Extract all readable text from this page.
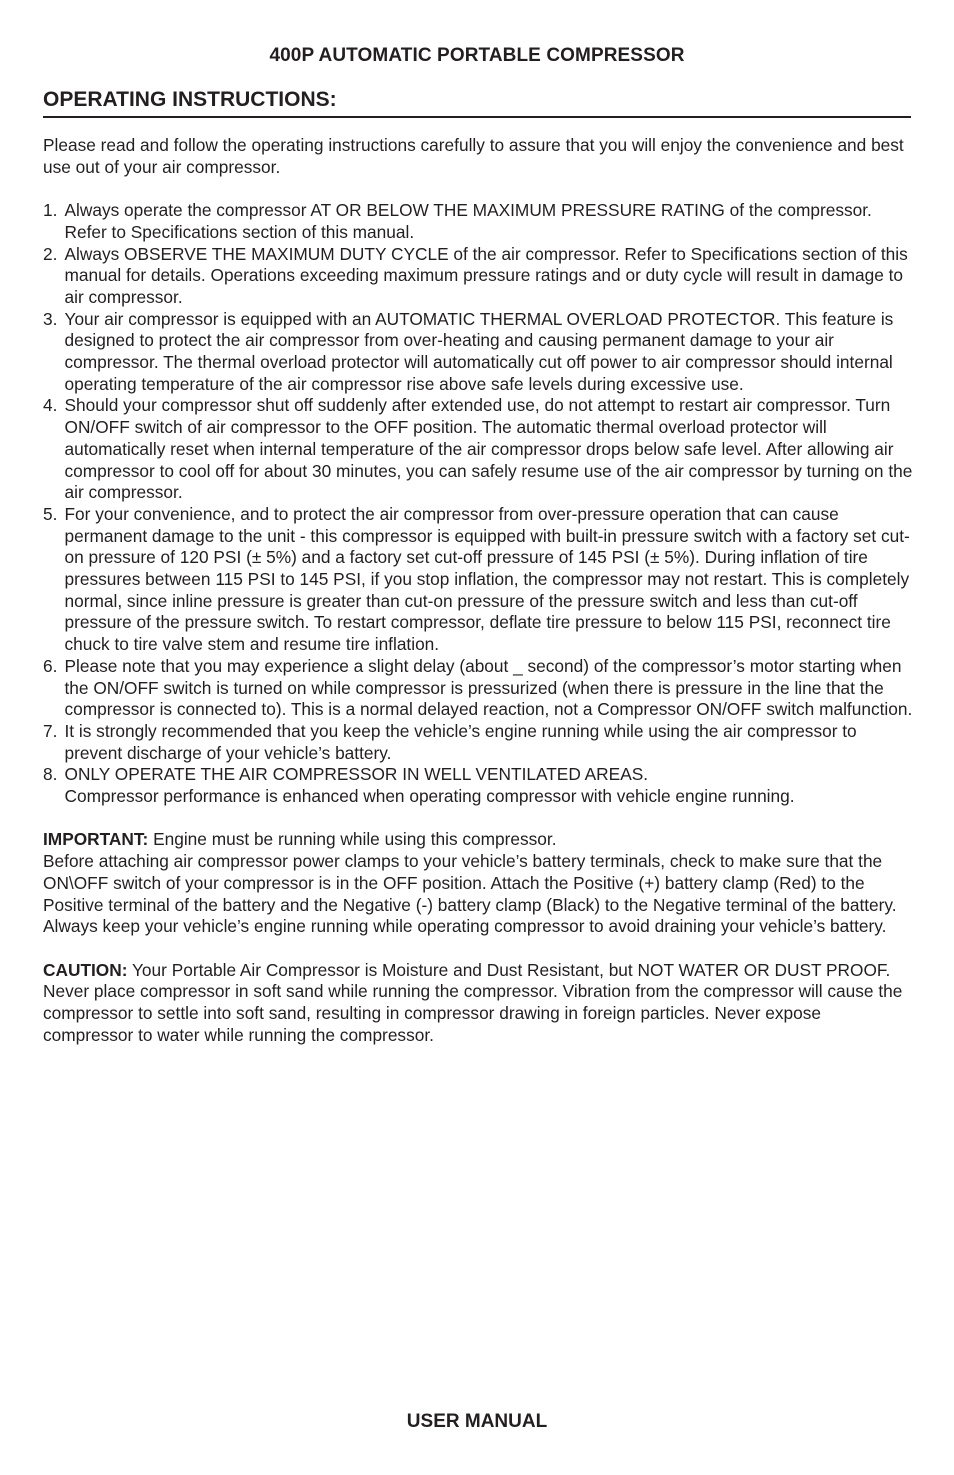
400P AUTOMATIC PORTABLE COMPRESSOR
OPERATING INSTRUCTIONS:

Please read and follow the operating instructions carefully to assure that you will enjoy the convenience and best use out of your air compressor.

1. Always operate the compressor AT OR BELOW THE MAXIMUM PRESSURE RATING of the compressor. Refer to Specifications section of this manual.
2. Always OBSERVE THE MAXIMUM DUTY CYCLE of the air compressor. Refer to Specifications section of this manual for details. Operations exceeding maximum pressure ratings and or duty cycle will result in damage to air compressor.
3. Your air compressor is equipped with an AUTOMATIC THERMAL OVERLOAD PROTECTOR. This feature is designed to protect the air compressor from over-heating and causing permanent damage to your air compressor. The thermal overload protector will automatically cut off power to air compressor should internal operating temperature of the air compressor rise above safe levels during excessive use.
4. Should your compressor shut off suddenly after extended use, do not attempt to restart air compressor. Turn ON/OFF switch of air compressor to the OFF position. The automatic thermal overload protector will automatically reset when internal temperature of the air compressor drops below safe level. After allowing air compressor to cool off for about 30 minutes, you can safely resume use of the air compressor by turning on the air compressor.
5. For your convenience, and to protect the air compressor from over-pressure operation that can cause permanent damage to the unit - this compressor is equipped with built-in pressure switch with a factory set cut-on pressure of 120 PSI (± 5%) and a factory set cut-off pressure of 145 PSI (± 5%). During inflation of tire pressures between 115 PSI to 145 PSI, if you stop inflation, the compressor may not restart. This is completely normal, since inline pressure is greater than cut-on pressure of the pressure switch and less than cut-off pressure of the pressure switch. To restart compressor, deflate tire pressure to below 115 PSI, reconnect tire chuck to tire valve stem and resume tire inflation.
6. Please note that you may experience a slight delay (about _ second) of the compressor’s motor starting when the ON/OFF switch is turned on while compressor is pressurized (when there is pressure in the line that the compressor is connected to). This is a normal delayed reaction, not a Compressor ON/OFF switch malfunction.
7. It is strongly recommended that you keep the vehicle’s engine running while using the air compressor to prevent discharge of your vehicle’s battery.
8. ONLY OPERATE THE AIR COMPRESSOR IN WELL VENTILATED AREAS.
Compressor performance is enhanced when operating compressor with vehicle engine running.

IMPORTANT: Engine must be running while using this compressor.

Before attaching air compressor power clamps to your vehicle’s battery terminals, check to make sure that the ON\OFF switch of your compressor is in the OFF position. Attach the Positive (+) battery clamp (Red) to the Positive terminal of the battery and the Negative (-) battery clamp (Black) to the Negative terminal of the battery. Always keep your vehicle’s engine running while operating compressor to avoid draining your vehicle’s battery.

CAUTION: Your Portable Air Compressor is Moisture and Dust Resistant, but NOT WATER OR DUST PROOF. Never place compressor in soft sand while running the compressor. Vibration from the compressor will cause the compressor to settle into soft sand, resulting in compressor drawing in foreign particles. Never expose compressor to water while running the compressor.

USER MANUAL
